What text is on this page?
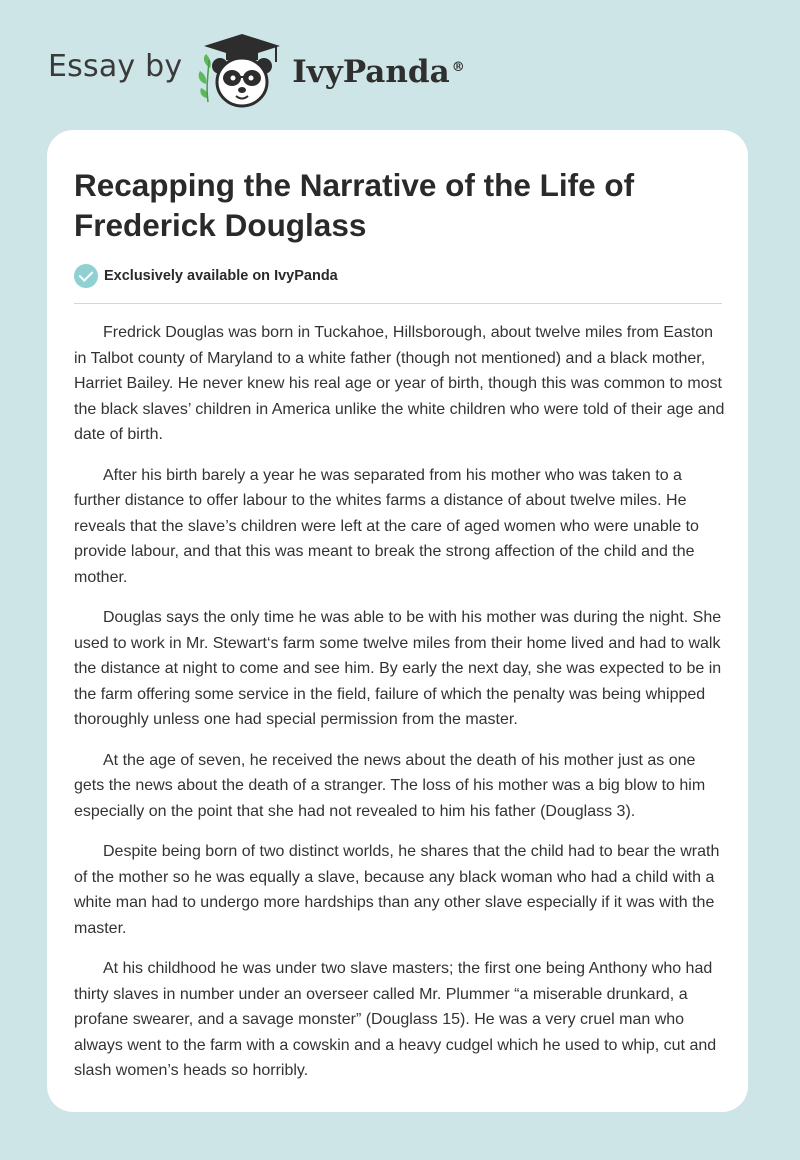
Essay by	IvyPanda ®
Recapping the Narrative of the Life of Frederick Douglass
Exclusively available on IvyPanda

Fredrick Douglas was born in Tuckahoe, Hillsborough, about twelve miles from Easton in Talbot county of Maryland to a white father (though not mentioned) and a black mother, Harriet Bailey. He never knew his real age or year of birth, though this was common to most the black slaves’ children in America unlike the white children who were told of their age and date of birth.

After his birth barely a year he was separated from his mother who was taken to a further distance to offer labour to the whites farms a distance of about twelve miles. He reveals that the slave’s children were left at the care of aged women who were unable to provide labour, and that this was meant to break the strong affection of the child and the mother.

Douglas says the only time he was able to be with his mother was during the night. She used to work in Mr. Stewart‘s farm some twelve miles from their home lived and had to walk the distance at night to come and see him. By early the next day, she was expected to be in the farm offering some service in the field, failure of which the penalty was being whipped thoroughly unless one had special permission from the master.

At the age of seven, he received the news about the death of his mother just as one gets the news about the death of a stranger. The loss of his mother was a big blow to him especially on the point that she had not revealed to him his father (Douglass 3).

Despite being born of two distinct worlds, he shares that the child had to bear the wrath of the mother so he was equally a slave, because any black woman who had a child with a white man had to undergo more hardships than any other slave especially if it was with the master.

At his childhood he was under two slave masters; the first one being Anthony who had thirty slaves in number under an overseer called Mr. Plummer “a miserable drunkard, a profane swearer, and a savage monster” (Douglass 15). He was a very cruel man who always went to the farm with a cowskin and a heavy cudgel which he used to whip, cut and slash women’s heads so horribly.
